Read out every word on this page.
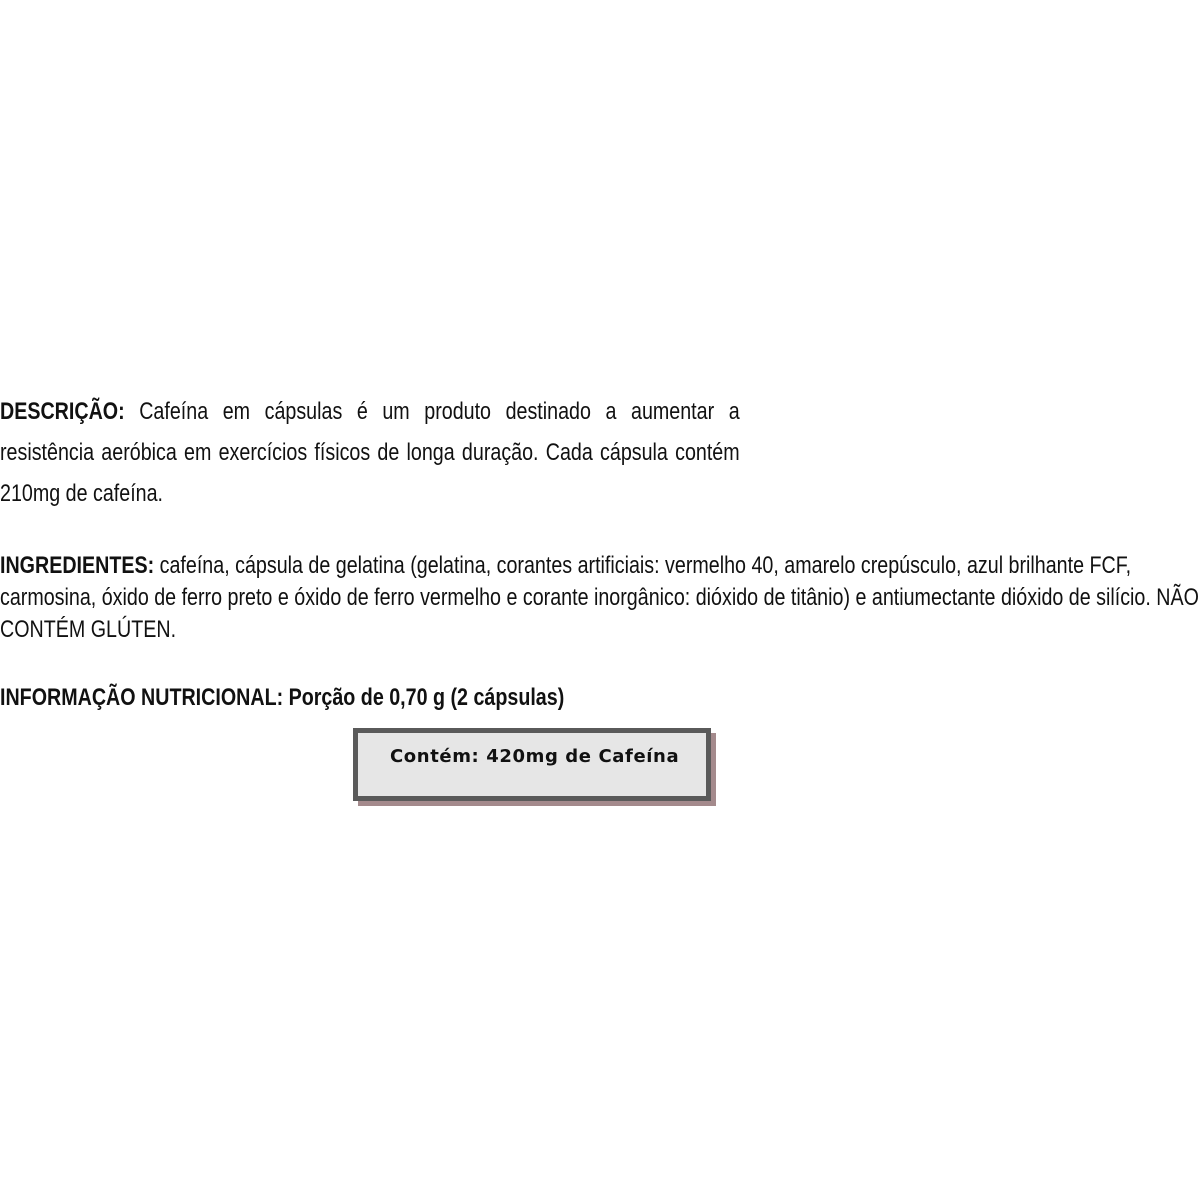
DESCRIÇÃO: Cafeína em cápsulas é um produto destinado a aumentar a resistência aeróbica em exercícios físicos de longa duração. Cada cápsula contém 210mg de cafeína.
INGREDIENTES: cafeína, cápsula de gelatina (gelatina, corantes artificiais: vermelho 40, amarelo crepúsculo, azul brilhante FCF, carmosina, óxido de ferro preto e óxido de ferro vermelho e corante inorgânico: dióxido de titânio) e antiumectante dióxido de silício. NÃO CONTÉM GLÚTEN.
INFORMAÇÃO NUTRICIONAL: Porção de 0,70 g (2 cápsulas)
Contém: 420mg de Cafeína
